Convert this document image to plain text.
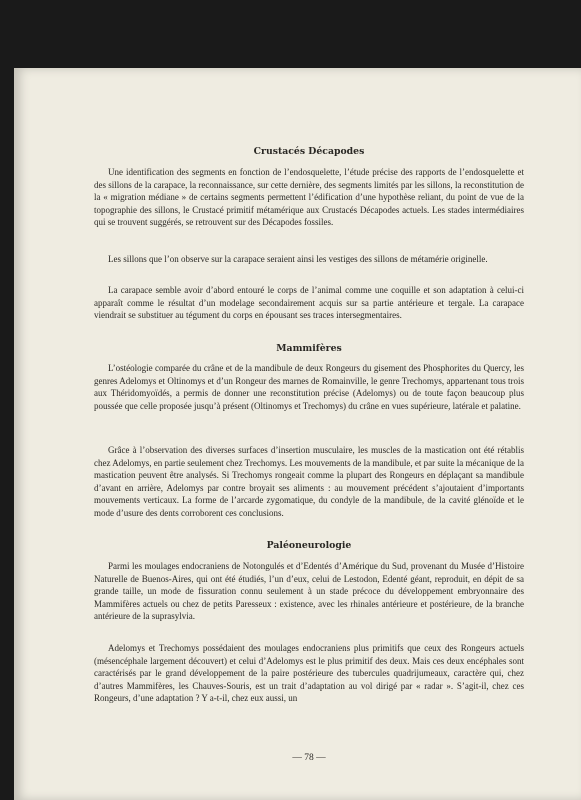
Crustacés Décapodes

Une identification des segments en fonction de l’endosquelette, l’étude précise des rapports de l’endosquelette et des sillons de la carapace, la reconnaissance, sur cette dernière, des segments limités par les sillons, la reconstitution de la « migration médiane » de certains segments permettent l’édification d’une hypothèse reliant, du point de vue de la topographie des sillons, le Crustacé primitif métamérique aux Crustacés Décapodes actuels. Les stades intermédiaires qui se trouvent suggérés, se retrouvent sur des Décapodes fossiles.

Les sillons que l’on observe sur la carapace seraient ainsi les vestiges des sillons de métamérie originelle.

La carapace semble avoir d’abord entouré le corps de l’animal comme une coquille et son adaptation à celui-ci apparaît comme le résultat d’un modelage secondairement acquis sur sa partie antérieure et tergale. La carapace viendrait se substituer au tégument du corps en épousant ses traces intersegmentaires.

Mammifères

L’ostéologie comparée du crâne et de la mandibule de deux Rongeurs du gisement des Phosphorites du Quercy, les genres Adelomys et Oltinomys et d’un Rongeur des marnes de Romainville, le genre Trechomys, appartenant tous trois aux Théridomyoïdés, a permis de donner une reconstitution précise (Adelomys) ou de toute façon beaucoup plus poussée que celle proposée jusqu’à présent (Oltinomys et Trechomys) du crâne en vues supérieure, latérale et palatine.

Grâce à l’observation des diverses surfaces d’insertion musculaire, les muscles de la mastication ont été rétablis chez Adelomys, en partie seulement chez Trechomys. Les mouvements de la mandibule, et par suite la mécanique de la mastication peuvent être analysés. Si Trechomys rongeait comme la plupart des Rongeurs en déplaçant sa mandibule d’avant en arrière, Adelomys par contre broyait ses aliments : au mouvement précédent s’ajoutaient d’importants mouvements verticaux. La forme de l’arcarde zygomatique, du condyle de la mandibule, de la cavité glénoïde et le mode d’usure des dents corroborent ces conclusions.

Paléoneurologie

Parmi les moulages endocraniens de Notongulés et d’Edentés d’Amérique du Sud, provenant du Musée d’Histoire Naturelle de Buenos-Aires, qui ont été étudiés, l’un d’eux, celui de Lestodon, Edenté géant, reproduit, en dépit de sa grande taille, un mode de fissuration connu seulement à un stade précoce du développement embryonnaire des Mammifères actuels ou chez de petits Paresseux : existence, avec les rhinales antérieure et postérieure, de la branche antérieure de la suprasylvia.

Adelomys et Trechomys possédaient des moulages endocraniens plus primitifs que ceux des Rongeurs actuels (mésencéphale largement découvert) et celui d’Adelomys est le plus primitif des deux. Mais ces deux encéphales sont caractérisés par le grand développement de la paire postérieure des tubercules quadrijumeaux, caractère qui, chez d’autres Mammifères, les Chauves-Souris, est un trait d’adaptation au vol dirigé par « radar ». S’agit-il, chez ces Rongeurs, d’une adaptation ? Y a-t-il, chez eux aussi, un

— 78 —
